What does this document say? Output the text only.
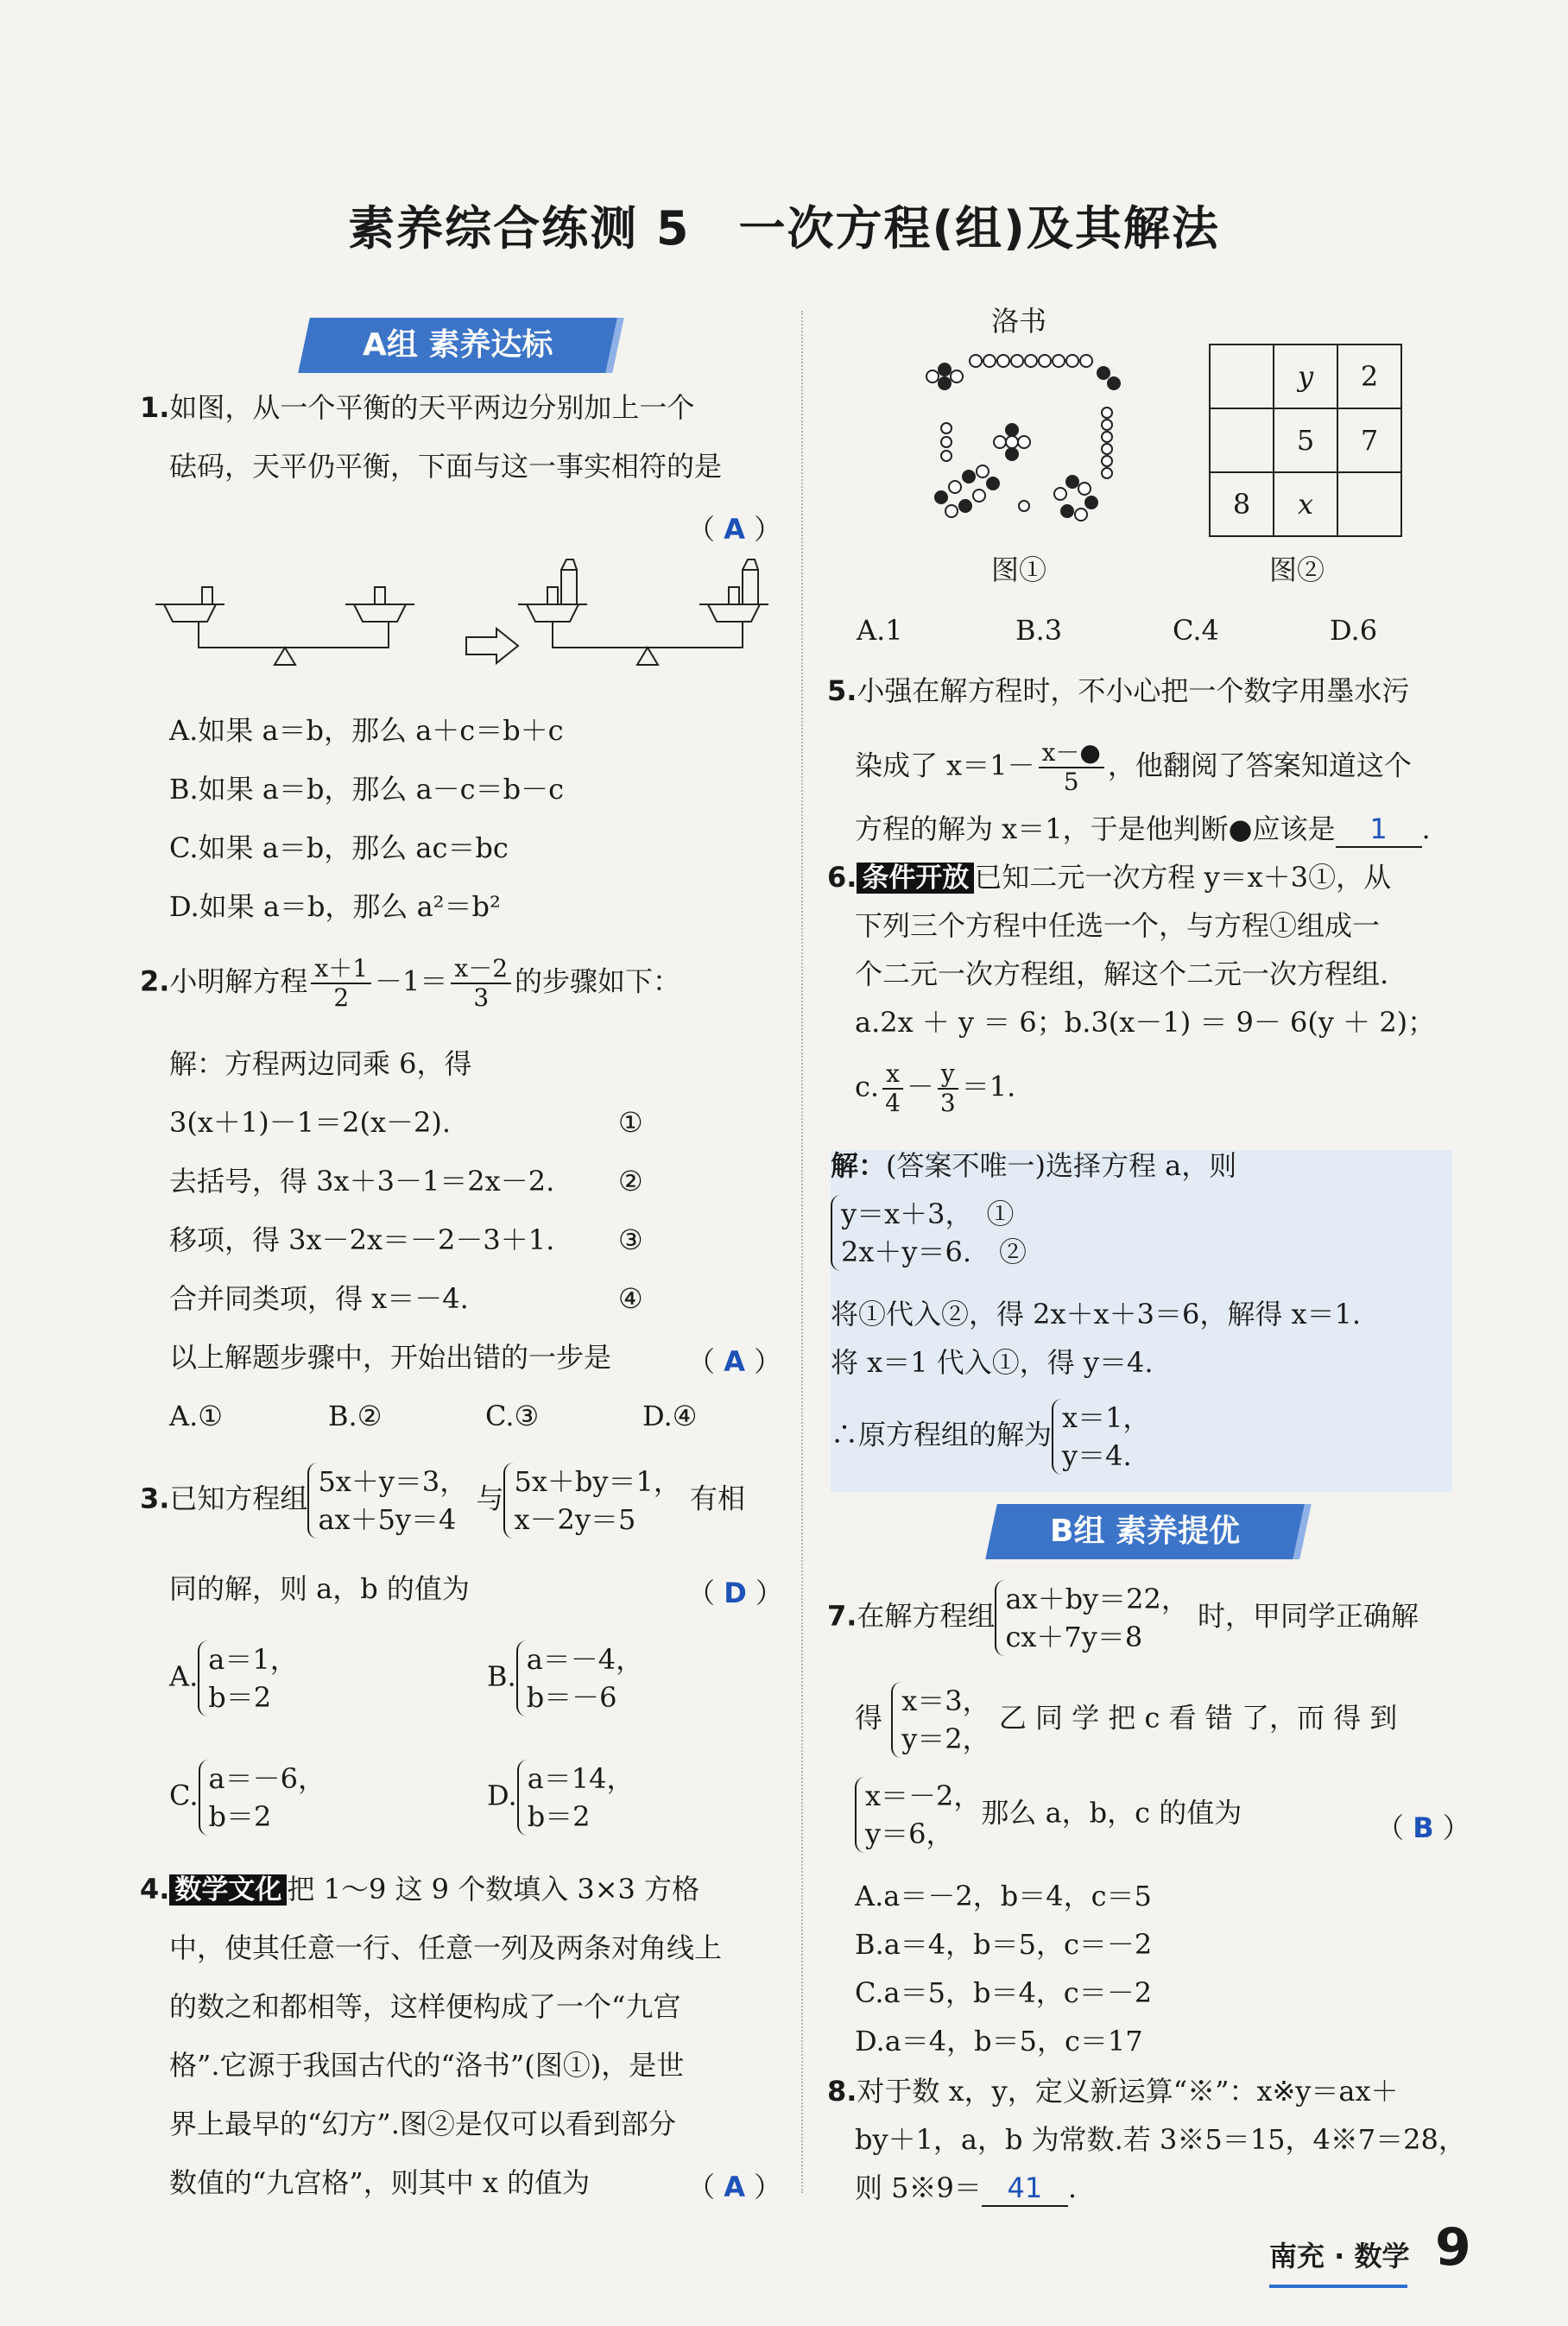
素养综合练测 5　一次方程(组)及其解法
A组 素养达标
1.如图，从一个平衡的天平两边分别加上一个
砝码，天平仍平衡，下面与这一事实相符的是
（ A ）
A.如果 a＝b，那么 a＋c＝b＋c
B.如果 a＝b，那么 a－c＝b－c
C.如果 a＝b，那么 ac＝bc
D.如果 a＝b，那么 a²＝b²
2.小明解方程 $\frac{x+1}{2} -1= \frac{x-2}{3}$ 的步骤如下：
解：方程两边同乘 6，得
3(x＋1)－1＝2(x－2).	①
去括号，得 3x＋3－1＝2x－2. ②
移项，得 3x－2x＝－2－3＋1. ③
合并同类项，得 x＝－4.	④
以上解题步骤中，开始出错的一步是	（ A ）
A.①	B.②	C.③	D.④
3.已知方程组5x＋y＝3，
ax＋5y＝4 与5x＋by＝1，
x－2y＝5 有相
同的解，则 a，b 的值为	（ D ）
A.a＝1，
b＝2
B.a＝－4，
b＝－6
C.a＝－6，
b＝2
D.a＝14，
b＝2
4. 数学文化 把 1～9 这 9 个数填入 3×3 方格
中，使其任意一行、任意一列及两条对角线上
的数之和都相等，这样便构成了一个“九宫
格”.它源于我国古代的“洛书”(图①)，是世
界上最早的“幻方”.图②是仅可以看到部分
数值的“九宫格”，则其中 x 的值为	（ A ）
洛书
图①
	y	2
	5	7
8	x	
图②
A.1	B.3	C.4	D.6
5.小强在解方程时，不小心把一个数字用墨水污
染成了 $x=1- \frac{x-●}{5}$ ，他翻阅了答案知道这个
方程的解为 x＝1，于是他判断●应该是 1 .
6. 条件开放 已知二元一次方程 y＝x＋3①，从
下列三个方程中任选一个，与方程①组成一
个二元一次方程组，解这个二元一次方程组.
a.2x ＋ y ＝ 6；b.3(x－1) ＝ 9－ 6(y ＋ 2)；
c. $\frac{x}{4} - \frac{y}{3} =1$.
解：(答案不唯一)选择方程 a，则
y＝x＋3，　①
2x＋y＝6.　②
将①代入②，得 2x＋x＋3＝6，解得 x＝1.
将 x＝1 代入①，得 y＝4.
∴原方程组的解为x＝1，
y＝4.
B组 素养提优
7.在解方程组ax＋by＝22，
cx＋7y＝8 时，甲同学正确解
得 x＝3，
y＝2， 乙 同 学 把 c 看 错 了，而 得 到
x＝－2，
y＝6，那么 a，b，c 的值为	（ B ）
A.a＝－2，b＝4，c＝5
B.a＝4，b＝5，c＝－2
C.a＝5，b＝4，c＝－2
D.a＝4，b＝5，c＝17
8.对于数 x，y，定义新运算“※”：x※y＝ax＋
by＋1，a，b 为常数.若 3※5＝15，4※7＝28，
则 5※9＝ 41 .
南充 · 数学 9
